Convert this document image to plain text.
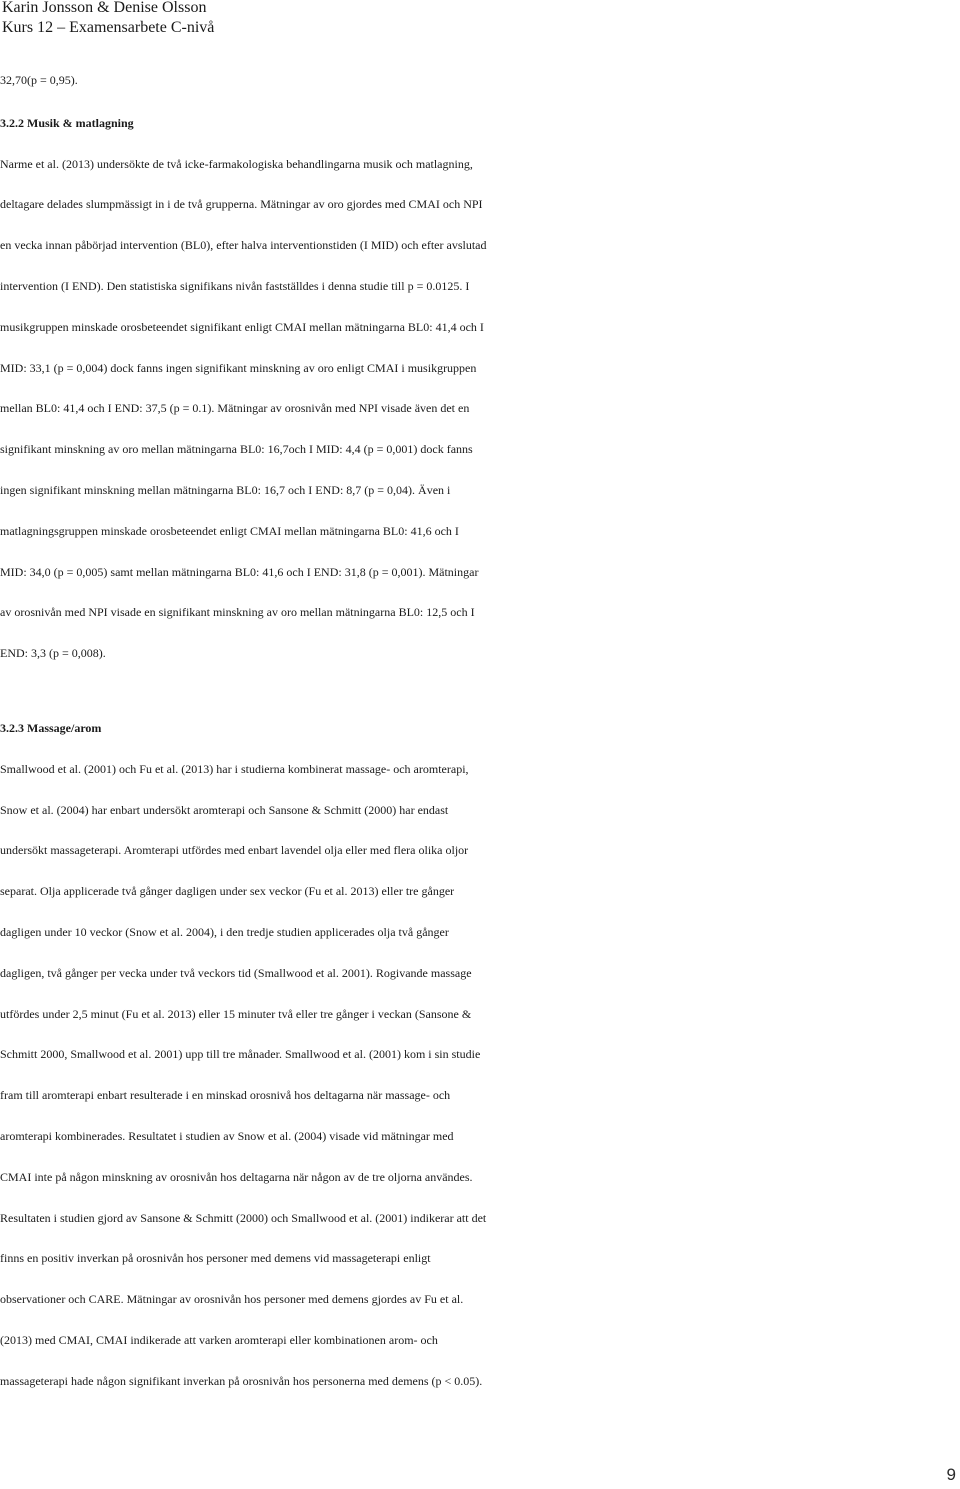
Karin Jonsson & Denise Olsson
Kurs 12 – Examensarbete C-nivå

32,70(p = 0,95).

3.2.2 Musik & matlagning

Narme et al. (2013) undersökte de två icke-farmakologiska behandlingarna musik och matlagning,
deltagare delades slumpmässigt in i de två grupperna. Mätningar av oro gjordes med CMAI och NPI
en vecka innan påbörjad intervention (BL0), efter halva interventionstiden (I MID) och efter avslutad
intervention (I END). Den statistiska signifikans nivån fastställdes i denna studie till p = 0.0125. I
musikgruppen minskade orosbeteendet signifikant enligt CMAI mellan mätningarna BL0: 41,4 och I
MID: 33,1 (p = 0,004) dock fanns ingen signifikant minskning av oro enligt CMAI i musikgruppen
mellan BL0: 41,4 och I END: 37,5 (p = 0.1). Mätningar av orosnivån med NPI visade även det en
signifikant minskning av oro mellan mätningarna BL0: 16,7och I MID: 4,4 (p = 0,001) dock fanns
ingen signifikant minskning mellan mätningarna BL0: 16,7 och I END: 8,7 (p = 0,04). Även i
matlagningsgruppen minskade orosbeteendet enligt CMAI mellan mätningarna BL0: 41,6 och I
MID: 34,0 (p = 0,005) samt mellan mätningarna BL0: 41,6 och I END: 31,8 (p = 0,001). Mätningar
av orosnivån med NPI visade en signifikant minskning av oro mellan mätningarna BL0: 12,5 och I
END: 3,3 (p = 0,008).

3.2.3 Massage/arom

Smallwood et al. (2001) och Fu et al. (2013) har i studierna kombinerat massage- och aromterapi,
Snow et al. (2004) har enbart undersökt aromterapi och Sansone & Schmitt (2000) har endast
undersökt massageterapi. Aromterapi utfördes med enbart lavendel olja eller med flera olika oljor
separat. Olja applicerade två gånger dagligen under sex veckor (Fu et al. 2013) eller tre gånger
dagligen under 10 veckor (Snow et al. 2004), i den tredje studien applicerades olja två gånger
dagligen, två gånger per vecka under två veckors tid (Smallwood et al. 2001). Rogivande massage
utfördes under 2,5 minut (Fu et al. 2013) eller 15 minuter två eller tre gånger i veckan (Sansone &
Schmitt 2000, Smallwood et al. 2001) upp till tre månader. Smallwood et al. (2001) kom i sin studie
fram till aromterapi enbart resulterade i en minskad orosnivå hos deltagarna när massage- och
aromterapi kombinerades. Resultatet i studien av Snow et al. (2004) visade vid mätningar med
CMAI inte på någon minskning av orosnivån hos deltagarna när någon av de tre oljorna användes.
Resultaten i studien gjord av Sansone & Schmitt (2000) och Smallwood et al. (2001) indikerar att det
finns en positiv inverkan på orosnivån hos personer med demens vid massageterapi enligt
observationer och CARE. Mätningar av orosnivån hos personer med demens gjordes av Fu et al.
(2013) med CMAI, CMAI indikerade att varken aromterapi eller kombinationen arom- och
massageterapi hade någon signifikant inverkan på orosnivån hos personerna med demens (p < 0.05).

9
